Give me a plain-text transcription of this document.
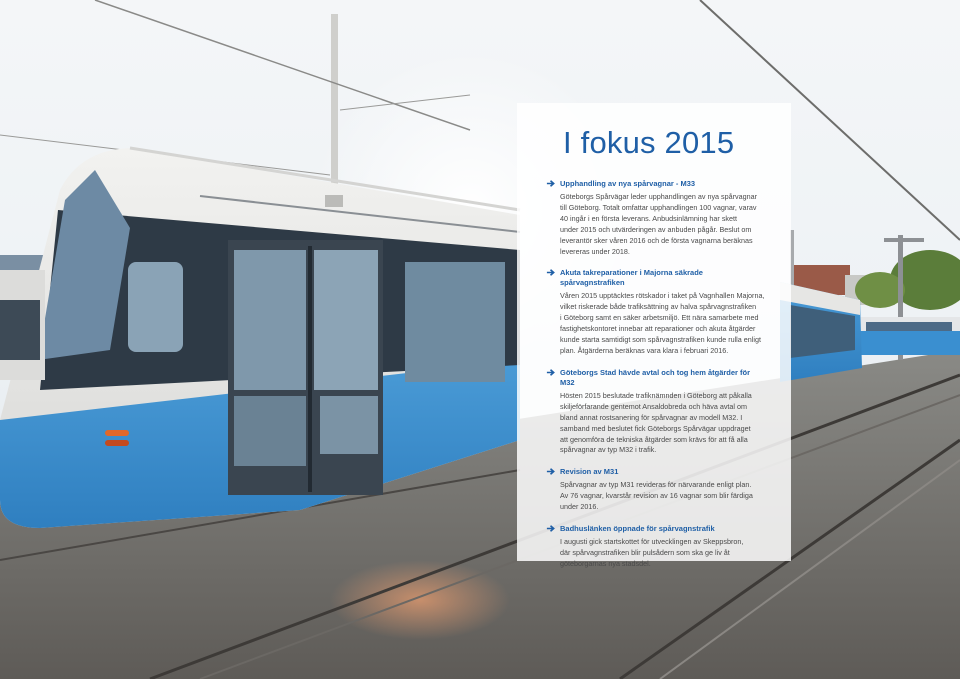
I fokus 2015
Upphandling av nya spårvagnar - M33
Göteborgs Spårvägar leder upphandlingen av nya spårvagnar
till Göteborg. Totalt omfattar upphandlingen 100 vagnar, varav
40 ingår i en första leverans. Anbudsinlämning har skett
under 2015 och utvärderingen av anbuden pågår. Beslut om
leverantör sker våren 2016 och de första vagnarna beräknas
levereras under 2018.
Akuta takreparationer i Majorna säkrade spårvagnstrafiken
Våren 2015 upptäcktes rötskador i taket på Vagnhallen Majorna,
vilket riskerade både trafiksättning av halva spårvagnstrafiken
i Göteborg samt en säker arbetsmiljö. Ett nära samarbete med
fastighetskontoret innebar att reparationer och akuta åtgärder
kunde starta samtidigt som spårvagnstrafiken kunde rulla enligt
plan. Åtgärderna beräknas vara klara i februari 2016.
Göteborgs Stad hävde avtal och tog hem åtgärder för M32
Hösten 2015 beslutade trafiknämnden i Göteborg att påkalla
skiljeförfarande gentemot Ansaldobreda och häva avtal om
bland annat rostsanering för spårvagnar av modell M32. I
samband med beslutet fick Göteborgs Spårvägar uppdraget
att genomföra de tekniska åtgärder som krävs för att få alla
spårvagnar av typ M32 i trafik.
Revision av M31
Spårvagnar av typ M31 revideras för närvarande enligt plan.
Av 76 vagnar, kvarstår revision av 16 vagnar som blir färdiga
under 2016.
Badhuslänken öppnade för spårvagnstrafik
I augusti gick startskottet för utvecklingen av Skeppsbron,
där spårvagnstrafiken blir pulsådern som ska ge liv åt
göteborgarnas nya stadsdel.
